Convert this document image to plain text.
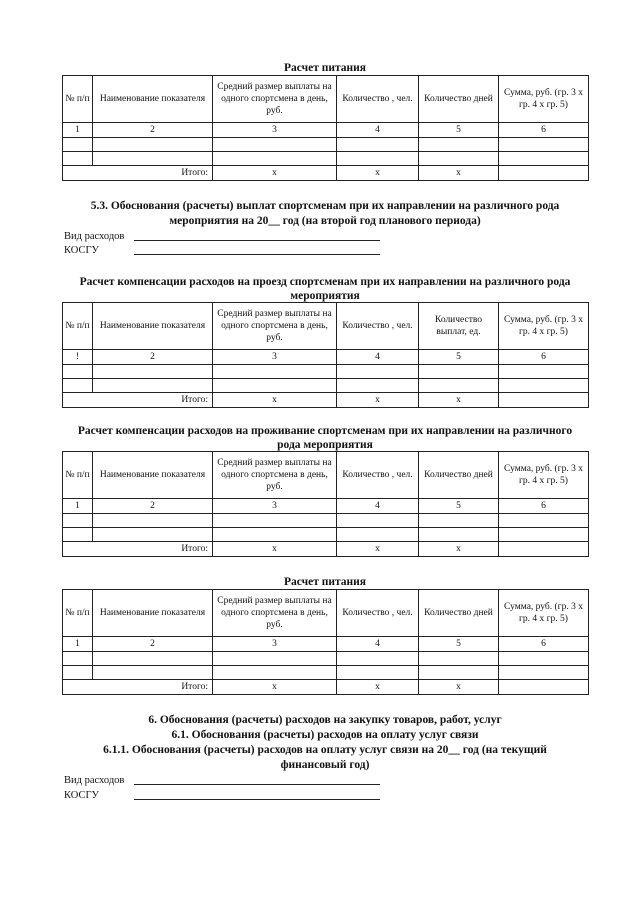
Расчет питания
№ п/п	Наименование показателя	Средний размер выплаты на одного спортсмена в день, руб.	Количество , чел.	Количество дней	Сумма, руб. (гр. 3 х гр. 4 х гр. 5)
1	2	3	4	5	6

Итого:		x	x	x	
5.3. Обоснования (расчеты) выплат спортсменам при их направлении на различного рода
мероприятия на 20__ год (на второй год планового периода)
Вид расходов
КОСГУ
Расчет компенсации расходов на проезд спортсменам при их направлении на различного рода
мероприятия
№ п/п	Наименование показателя	Средний размер выплаты на одного спортсмена в день, руб.	Количество , чел.	Количество выплат, ед.	Сумма, руб. (гр. 3 х гр. 4 х гр. 5)
!	2	3	4	5	6

Итого:		x	x	x	
Расчет компенсации расходов на проживание спортсменам при их направлении на различного
рода мероприятия
№ п/п	Наименование показателя	Средний размер выплаты на одного спортсмена в день, руб.	Количество , чел.	Количество дней	Сумма, руб. (гр. 3 х гр. 4 х гр. 5)
1	2	3	4	5	6

Итого:		x	x	x	
Расчет питания
№ п/п	Наименование показателя	Средний размер выплаты на одного спортсмена в день, руб.	Количество , чел.	Количество дней	Сумма, руб. (гр. 3 х гр. 4 х гр. 5)
1	2	3	4	5	6

Итого:		x	x	x	
6. Обоснования (расчеты) расходов на закупку товаров, работ, услуг
6.1. Обоснования (расчеты) расходов на оплату услуг связи
6.1.1. Обоснования (расчеты) расходов на оплату услуг связи на 20__ год (на текущий
финансовый год)
Вид расходов
КОСГУ
